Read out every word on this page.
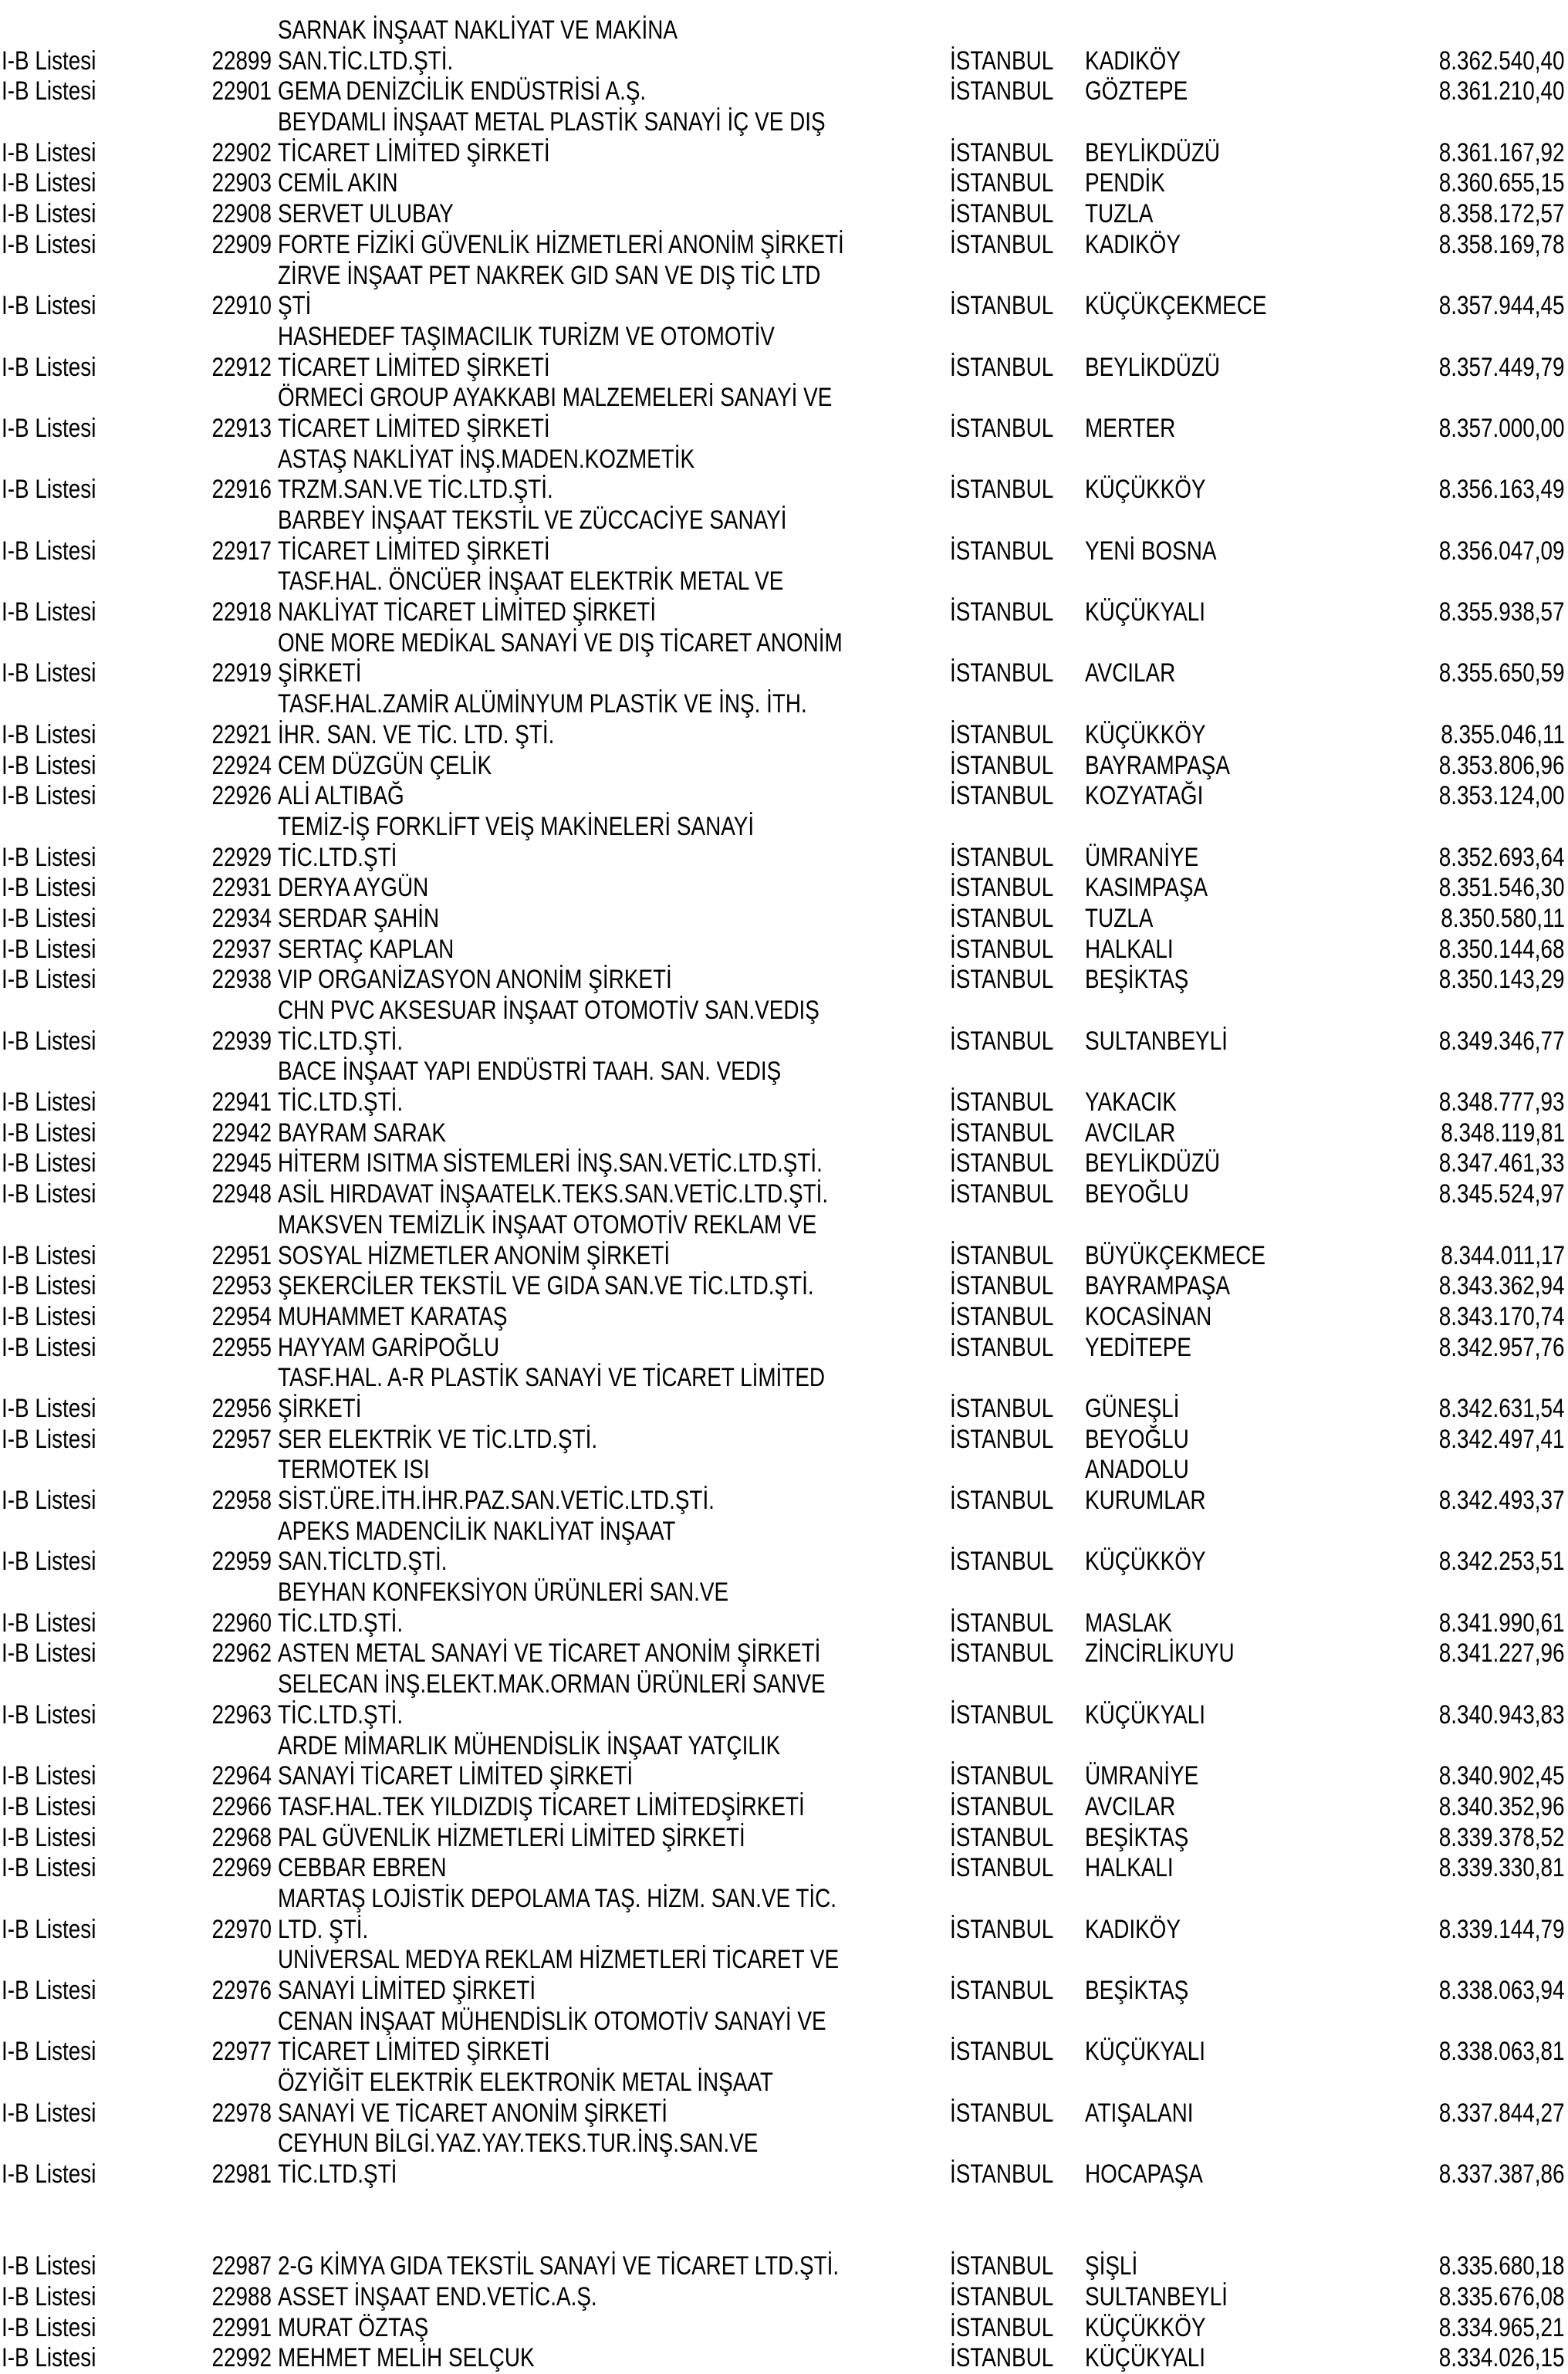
SARNAK İNŞAAT NAKLİYAT VE MAKİNA
I-B Listesi	22899 SAN.TİC.LTD.ŞTİ.	İSTANBUL KADIKÖY	8.362.540,40
I-B Listesi	22901 GEMA DENİZCİLİK ENDÜSTRİSİ A.Ş.	İSTANBUL GÖZTEPE	8.361.210,40
BEYDAMLI İNŞAAT METAL PLASTİK SANAYİ İÇ VE DIŞ
I-B Listesi	22902 TİCARET LİMİTED ŞİRKETİ	İSTANBUL BEYLİKDÜZÜ	8.361.167,92
I-B Listesi	22903 CEMİL AKIN	İSTANBUL PENDİK	8.360.655,15
I-B Listesi	22908 SERVET ULUBAY	İSTANBUL TUZLA	8.358.172,57
I-B Listesi	22909 FORTE FİZİKİ GÜVENLİK HİZMETLERİ ANONİM ŞİRKETİ	İSTANBUL KADIKÖY	8.358.169,78
ZİRVE İNŞAAT PET NAKREK GID SAN VE DIŞ TİC LTD
I-B Listesi	22910 ŞTİ	İSTANBUL KÜÇÜKÇEKMECE	8.357.944,45
HASHEDEF TAŞIMACILIK TURİZM VE OTOMOTİV
I-B Listesi	22912 TİCARET LİMİTED ŞİRKETİ	İSTANBUL BEYLİKDÜZÜ	8.357.449,79
ÖRMECİ GROUP AYAKKABI MALZEMELERİ SANAYİ VE
I-B Listesi	22913 TİCARET LİMİTED ŞİRKETİ	İSTANBUL MERTER	8.357.000,00
ASTAŞ NAKLİYAT İNŞ.MADEN.KOZMETİK
I-B Listesi	22916 TRZM.SAN.VE TİC.LTD.ŞTİ.	İSTANBUL KÜÇÜKKÖY	8.356.163,49
BARBEY İNŞAAT TEKSTİL VE ZÜCCACİYE SANAYİ
I-B Listesi	22917 TİCARET LİMİTED ŞİRKETİ	İSTANBUL YENİ BOSNA	8.356.047,09
TASF.HAL. ÖNCÜER İNŞAAT ELEKTRİK METAL VE
I-B Listesi	22918 NAKLİYAT TİCARET LİMİTED ŞİRKETİ	İSTANBUL KÜÇÜKYALI	8.355.938,57
ONE MORE MEDİKAL SANAYİ VE DIŞ TİCARET ANONİM
I-B Listesi	22919 ŞİRKETİ	İSTANBUL AVCILAR	8.355.650,59
TASF.HAL.ZAMİR ALÜMİNYUM PLASTİK VE İNŞ. İTH.
I-B Listesi	22921 İHR. SAN. VE TİC. LTD. ŞTİ.	İSTANBUL KÜÇÜKKÖY	8.355.046,11
I-B Listesi	22924 CEM DÜZGÜN ÇELİK	İSTANBUL BAYRAMPAŞA	8.353.806,96
I-B Listesi	22926 ALİ ALTIBAĞ	İSTANBUL KOZYATAĞI	8.353.124,00
TEMİZ-İŞ FORKLİFT VEİŞ MAKİNELERİ SANAYİ
I-B Listesi	22929 TİC.LTD.ŞTİ	İSTANBUL ÜMRANİYE	8.352.693,64
I-B Listesi	22931 DERYA AYGÜN	İSTANBUL KASIMPAŞA	8.351.546,30
I-B Listesi	22934 SERDAR ŞAHİN	İSTANBUL TUZLA	8.350.580,11
I-B Listesi	22937 SERTAÇ KAPLAN	İSTANBUL HALKALI	8.350.144,68
I-B Listesi	22938 VIP ORGANİZASYON ANONİM ŞİRKETİ	İSTANBUL BEŞİKTAŞ	8.350.143,29
CHN PVC AKSESUAR İNŞAAT OTOMOTİV SAN.VEDIŞ
I-B Listesi	22939 TİC.LTD.ŞTİ.	İSTANBUL SULTANBEYLİ	8.349.346,77
BACE İNŞAAT YAPI ENDÜSTRİ TAAH. SAN. VEDIŞ
I-B Listesi	22941 TİC.LTD.ŞTİ.	İSTANBUL YAKACIK	8.348.777,93
I-B Listesi	22942 BAYRAM SARAK	İSTANBUL AVCILAR	8.348.119,81
I-B Listesi	22945 HİTERM ISITMA SİSTEMLERİ İNŞ.SAN.VETİC.LTD.ŞTİ.	İSTANBUL BEYLİKDÜZÜ	8.347.461,33
I-B Listesi	22948 ASİL HIRDAVAT İNŞAATELK.TEKS.SAN.VETİC.LTD.ŞTİ.	İSTANBUL BEYOĞLU	8.345.524,97
MAKSVEN TEMİZLİK İNŞAAT OTOMOTİV REKLAM VE
I-B Listesi	22951 SOSYAL HİZMETLER ANONİM ŞİRKETİ	İSTANBUL BÜYÜKÇEKMECE	8.344.011,17
I-B Listesi	22953 ŞEKERCİLER TEKSTİL VE GIDA SAN.VE TİC.LTD.ŞTİ.	İSTANBUL BAYRAMPAŞA	8.343.362,94
I-B Listesi	22954 MUHAMMET KARATAŞ	İSTANBUL KOCASİNAN	8.343.170,74
I-B Listesi	22955 HAYYAM GARİPOĞLU	İSTANBUL YEDİTEPE	8.342.957,76
TASF.HAL. A-R PLASTİK SANAYİ VE TİCARET LİMİTED
I-B Listesi	22956 ŞİRKETİ	İSTANBUL GÜNEŞLİ	8.342.631,54
I-B Listesi	22957 SER ELEKTRİK VE TİC.LTD.ŞTİ.	İSTANBUL BEYOĞLU	8.342.497,41
TERMOTEK ISI	ANADOLU
I-B Listesi	22958 SİST.ÜRE.İTH.İHR.PAZ.SAN.VETİC.LTD.ŞTİ.	İSTANBUL KURUMLAR	8.342.493,37
APEKS MADENCİLİK NAKLİYAT İNŞAAT
I-B Listesi	22959 SAN.TİCLTD.ŞTİ.	İSTANBUL KÜÇÜKKÖY	8.342.253,51
BEYHAN KONFEKSİYON ÜRÜNLERİ SAN.VE
I-B Listesi	22960 TİC.LTD.ŞTİ.	İSTANBUL MASLAK	8.341.990,61
I-B Listesi	22962 ASTEN METAL SANAYİ VE TİCARET ANONİM ŞİRKETİ	İSTANBUL ZİNCİRLİKUYU	8.341.227,96
SELECAN İNŞ.ELEKT.MAK.ORMAN ÜRÜNLERİ SANVE
I-B Listesi	22963 TİC.LTD.ŞTİ.	İSTANBUL KÜÇÜKYALI	8.340.943,83
ARDE MİMARLIK MÜHENDİSLİK İNŞAAT YATÇILIK
I-B Listesi	22964 SANAYİ TİCARET LİMİTED ŞİRKETİ	İSTANBUL ÜMRANİYE	8.340.902,45
I-B Listesi	22966 TASF.HAL.TEK YILDIZDIŞ TİCARET LİMİTEDŞİRKETİ	İSTANBUL AVCILAR	8.340.352,96
I-B Listesi	22968 PAL GÜVENLİK HİZMETLERİ LİMİTED ŞİRKETİ	İSTANBUL BEŞİKTAŞ	8.339.378,52
I-B Listesi	22969 CEBBAR EBREN	İSTANBUL HALKALI	8.339.330,81
MARTAŞ LOJİSTİK DEPOLAMA TAŞ. HİZM. SAN.VE TİC.
I-B Listesi	22970 LTD. ŞTİ.	İSTANBUL KADIKÖY	8.339.144,79
UNİVERSAL MEDYA REKLAM HİZMETLERİ TİCARET VE
I-B Listesi	22976 SANAYİ LİMİTED ŞİRKETİ	İSTANBUL BEŞİKTAŞ	8.338.063,94
CENAN İNŞAAT MÜHENDİSLİK OTOMOTİV SANAYİ VE
I-B Listesi	22977 TİCARET LİMİTED ŞİRKETİ	İSTANBUL KÜÇÜKYALI	8.338.063,81
ÖZYİĞİT ELEKTRİK ELEKTRONİK METAL İNŞAAT
I-B Listesi	22978 SANAYİ VE TİCARET ANONİM ŞİRKETİ	İSTANBUL ATIŞALANI	8.337.844,27
CEYHUN BİLGİ.YAZ.YAY.TEKS.TUR.İNŞ.SAN.VE
I-B Listesi	22981 TİC.LTD.ŞTİ	İSTANBUL HOCAPAŞA	8.337.387,86
I-B Listesi	22987 2-G KİMYA GIDA TEKSTİL SANAYİ VE TİCARET LTD.ŞTİ.	İSTANBUL ŞİŞLİ	8.335.680,18
I-B Listesi	22988 ASSET İNŞAAT END.VETİC.A.Ş.	İSTANBUL SULTANBEYLİ	8.335.676,08
I-B Listesi	22991 MURAT ÖZTAŞ	İSTANBUL KÜÇÜKKÖY	8.334.965,21
I-B Listesi	22992 MEHMET MELİH SELÇUK	İSTANBUL KÜÇÜKYALI	8.334.026,15
